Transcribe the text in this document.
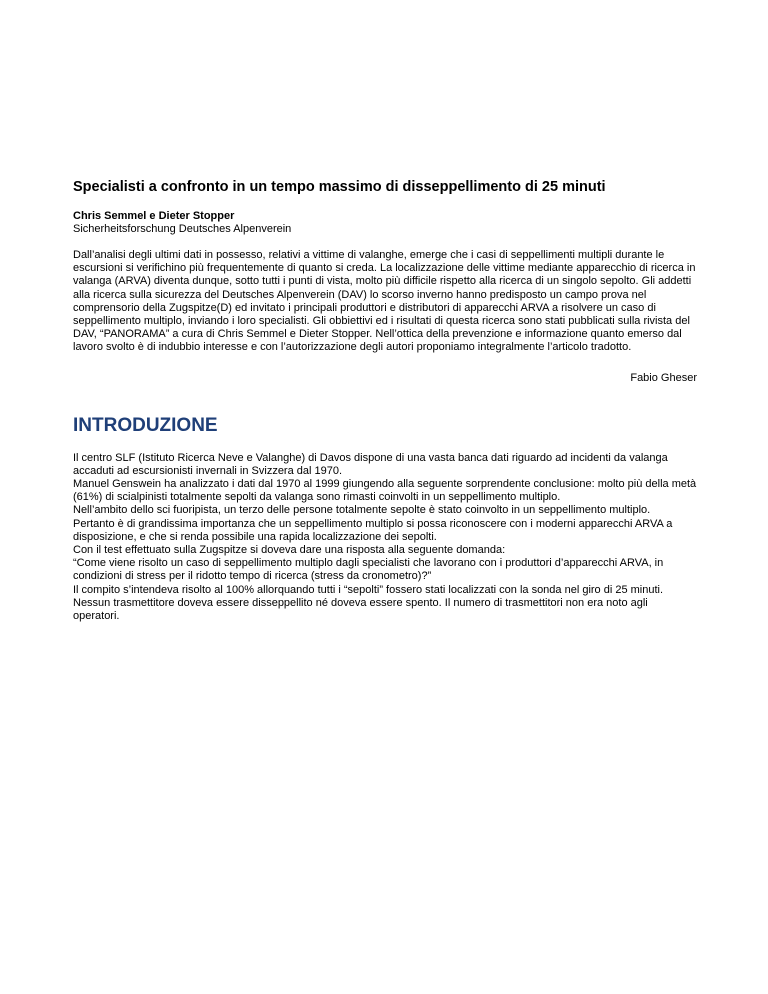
Specialisti a confronto in un tempo massimo di disseppellimento di 25 minuti

Chris Semmel e Dieter Stopper

Sicherheitsforschung Deutsches Alpenverein

Dall’analisi degli ultimi dati in possesso, relativi a vittime di valanghe, emerge che i casi di seppellimenti multipli durante le escursioni si verifichino più frequentemente di quanto si creda. La localizzazione delle vittime mediante apparecchio di ricerca in valanga (ARVA) diventa dunque, sotto tutti i punti di vista, molto più difficile rispetto alla ricerca di un singolo sepolto. Gli addetti alla ricerca sulla sicurezza del Deutsches Alpenverein (DAV) lo scorso inverno hanno predisposto un campo prova nel comprensorio della Zugspitze(D) ed invitato i principali produttori e distributori di apparecchi ARVA a risolvere un caso di seppellimento multiplo, inviando i loro specialisti. Gli obbiettivi ed i risultati di questa ricerca sono stati pubblicati sulla rivista del DAV, “PANORAMA” a cura di Chris Semmel e Dieter Stopper. Nell’ottica della prevenzione e informazione quanto emerso dal lavoro svolto è di indubbio interesse e con l’autorizzazione degli autori proponiamo integralmente l’articolo tradotto.

Fabio Gheser

INTRODUZIONE

Il centro SLF (Istituto Ricerca Neve e Valanghe) di Davos dispone di una vasta banca dati riguardo ad incidenti da valanga accaduti ad escursionisti invernali in Svizzera dal 1970.

Manuel Genswein ha analizzato i dati dal 1970 al 1999 giungendo alla seguente sorprendente conclusione: molto più della metà (61%) di scialpinisti totalmente sepolti da valanga sono rimasti coinvolti in un seppellimento multiplo.

Nell’ambito dello sci fuoripista, un terzo delle persone totalmente sepolte è stato coinvolto in un seppellimento multiplo.

Pertanto è di grandissima importanza che un seppellimento multiplo si possa riconoscere con i moderni apparecchi ARVA a disposizione, e che si renda possibile una rapida localizzazione dei sepolti.

Con il test effettuato sulla Zugspitze si doveva dare una risposta alla seguente domanda:

“Come viene risolto un caso di seppellimento multiplo dagli specialisti che lavorano con i produttori d’apparecchi ARVA, in condizioni di stress per il ridotto tempo di ricerca (stress da cronometro)?”

Il compito s’intendeva risolto al 100% allorquando tutti i “sepolti” fossero stati localizzati con la sonda nel giro di 25 minuti. Nessun trasmettitore doveva essere disseppellito né doveva essere spento. Il numero di trasmettitori non era noto agli operatori.
